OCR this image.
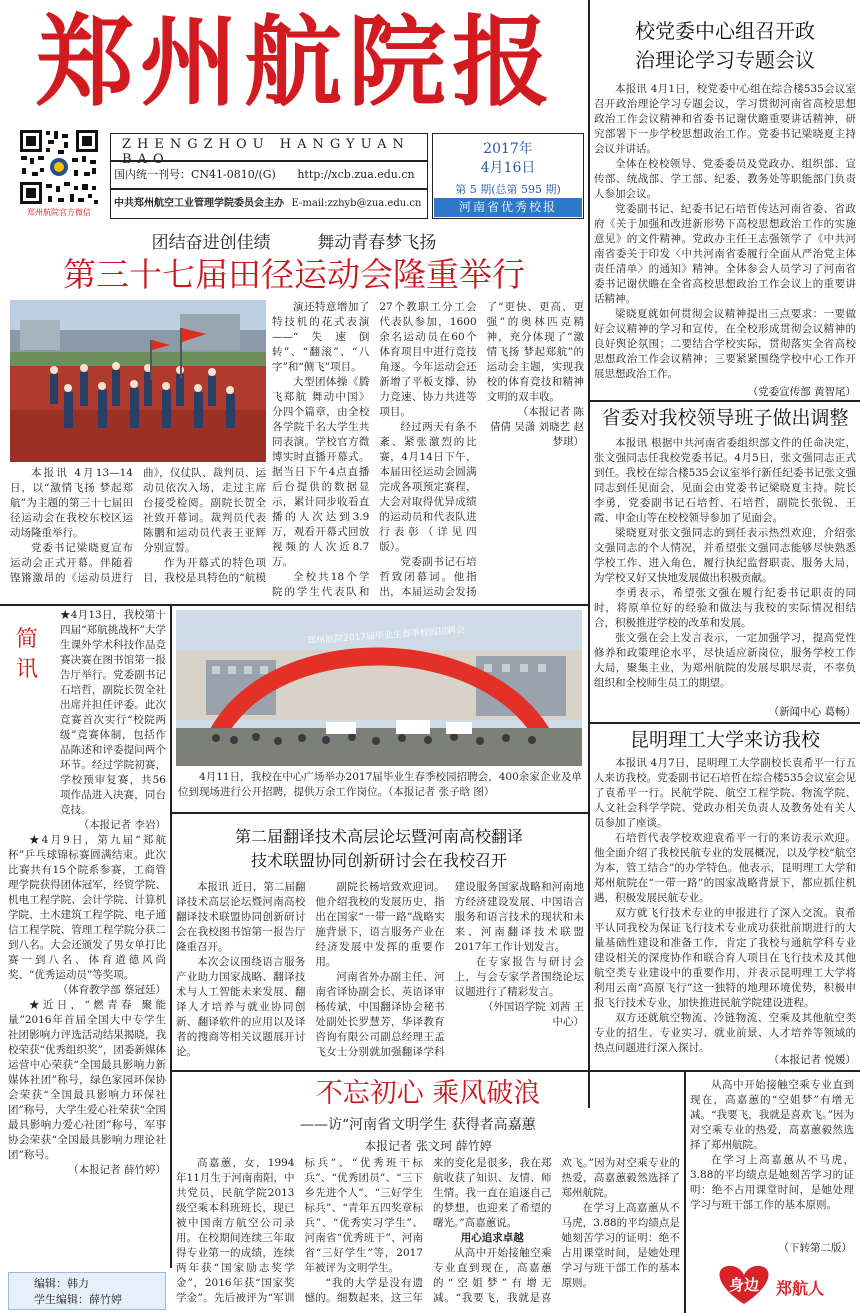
郑州航院报
郑州航院官方微信
ZHENGZHOU HANGYUAN
国内统一刊号：CN41-0810/(G) http://xcb.zua.edu.cn
中共郑州航空工业管理学院委员会主办 E-mail:zzhyb@zua.edu.cn
2017年
4月16日
第 5 期(总第 595 期)
河南省优秀校报
团结奋进创佳绩	舞动青春梦飞扬
第三十七届田径运动会隆重举行

演还特意增加了特技机的花式表演——“失速倒转”、“翻滚”、“八字”和“侧飞”项目。

大型团体操《腾飞郑航 舞动中国》分四个篇章，由全校各学院千名大学生共同表演。学校官方微博实时直播开幕式。据当日下午4点直播后台提供的数据显示，累计同步收看直播的人次达到3.9万，观看开幕式回放视频的人次近8.7万。

全校共18个学院的学生代表队和27个教职工分工会代表队参加，1600余名运动员在60个体育项目中进行竞技角逐。今年运动会还新增了平板支撑、协力竞速、协力共进等项目。

经过两天有条不紊、紧张激烈的比赛，4月14日下午，本届田径运动会圆满完成各项预定赛程，大会对取得优异成绩的运动员和代表队进行表彰（详见四版）。

党委副书记石培哲致闭幕词。他指出，本届运动会发扬了“更快、更高、更强”的奥林匹克精神，充分体现了“激情飞扬 梦起郑航”的运动会主题，实现我校的体育竞技和精神文明的双丰收。

（本报记者 陈倩倩 吴潇 刘晓艺 赵梦琪）

本报讯 4月13—14日，以“激情飞扬 梦起郑航”为主题的第三十七届田径运动会在我校东校区运动场隆重举行。

党委书记梁晓夏宣布运动会正式开幕。伴随着铿锵激昂的《运动员进行曲》，仪仗队、裁判员、运动员依次入场，走过主席台接受检阅。副院长贺全社致开幕词。裁判员代表陈鹏和运动员代表王亚辉分别宣誓。

作为开幕式的特色项目，我校是具特色的“航模

简
讯

★4月13日，我校第十四届“郑航挑战杯”大学生课外学术科技作品竞赛决赛在图书馆第一报告厅举行。党委副书记石培哲，副院长贺全社出席并担任评委。此次竞赛首次实行“校院两级”竞赛体制，包括作品陈述和评委提问两个环节。经过学院初赛，学校预审复赛，共56项作品进入决赛，同台竞技。

（本报记者 李岩）

★4月9日，第九届“郑航杯”乒乓球锦标赛圆满结束。此次比赛共有15个院系参赛，工商管理学院获得团体冠军，经贸学院、机电工程学院、会计学院、计算机学院、土木建筑工程学院、电子通信工程学院、管理工程学院分获二到八名。大会还颁发了男女单打比赛一到八名、体育道德风尚奖、“优秀运动员”等奖项。

（体育教学部 蔡冠廷）

★近日，“燃青春 聚能量”2016年首届全国大中专学生社团影响力评选活动结果揭晓，我校荣获“优秀组织奖”，团委新媒体运营中心荣获“全国最具影响力新媒体社团”称号，绿色家园环保协会荣获“全国最具影响力环保社团”称号，大学生爱心社荣获“全国最具影响力爱心社团”称号，军事协会荣获“全国最具影响力理论社团”称号。

（本报记者 薛竹婷）

郑州航院2017届毕业生春季校园招聘会
4月11日，我校在中心广场举办2017届毕业生春季校园招聘会，400余家企业及单位到现场进行公开招聘，提供万余工作岗位。（本报记者 张子晗 图）
第二届翻译技术高层论坛暨河南高校翻译
技术联盟协同创新研讨会在我校召开

本报讯 近日，第二届翻译技术高层论坛暨河南高校翻译技术联盟协同创新研讨会在我校图书馆第一报告厅隆重召开。

本次会议围绕语言服务产业助力国家战略、翻译技术与人工智能未来发展、翻译人才培养与就业协同创新、翻译软件的应用以及译者的搜商等相关议题展开讨论。

副院长杨培致欢迎词。他介绍我校的发展历史，指出在国家“一带一路”战略实施背景下，语言服务产业在经济发展中发挥的重要作用。

河南省外办副主任、河南省译协副会长、英语译审杨传斌，中国翻译协会秘书处副处长罗慧芳，华译教育咨询有限公司副总经理王孟飞女士分别就加强翻译学科建设服务国家战略和河南地方经济建设发展、中国语言服务和语言技术的现状和未来、河南翻译技术联盟2017年工作计划发言。

在专家报告与研讨会上，与会专家学者围绕论坛议题进行了精彩发言。

（外国语学院 刘茜 王中心）

不忘初心 乘风破浪
——访“河南省文明学生 获得者高嘉蕙
本报记者 张文珂 薛竹婷

高嘉蕙，女，1994年11月生于河南南阳，中共党员，民航学院2013级空乘本科班班长，现已被中国南方航空公司录用。在校期间连续三年取得专业第一的成绩，连续两年获“国家励志奖学金”，2016年获“国家奖学金”。先后被评为“军训标兵”、“优秀班干标兵”、“优秀团员”、“三下乡先进个人”、“三好学生标兵”、“青年五四奖章标兵”、“优秀实习学生”、河南省“优秀班干”、河南省“三好学生”等，2017年被评为文明学生。

“我的大学是没有遗憾的。细数起来，这三年来的变化是很多，我在郑航收获了知识、友情、师生情。我一直在追逐自己的梦想，也迎来了希望的曙光。”高嘉蕙说。

用心追求卓越

从高中开始接触空乘专业直到现在，高嘉蕙的“空姐梦”有增无减。“我要飞，我就是喜欢飞。”因为对空乘专业的热爱，高嘉蕙毅然选择了郑州航院。

在学习上高嘉蕙从不马虎，3.88的平均绩点是她刻苦学习的证明：绝不占用课堂时间，是她处理学习与班干部工作的基本原则。

从高中开始接触空乘专业直到现在，高嘉蕙的“空姐梦”有增无减。“我要飞，我就是喜欢飞。”因为对空乘专业的热爱，高嘉蕙毅然选择了郑州航院。

在学习上高嘉蕙从不马虎，3.88的平均绩点是她刻苦学习的证明：绝不占用课堂时间，是她处理学习与班干部工作的基本原则。

（下转第二版）
身边	郑航人
编辑：韩力
学生编辑：薛竹婷
校党委中心组召开政
治理论学习专题会议

本报讯 4月1日，校党委中心组在综合楼535会议室召开政治理论学习专题会议，学习贯彻河南省高校思想政治工作会议精神和省委书记谢伏瞻重要讲话精神，研究部署下一步学校思想政治工作。党委书记梁晓夏主持会议并讲话。

全体在校校领导、党委委员及党政办、组织部、宣传部、统战部、学工部、纪委、教务处等职能部门负责人参加会议。

党委副书记、纪委书记石培哲传达河南省委、省政府《关于加强和改进新形势下高校思想政治工作的实施意见》的文件精神。党政办主任王志强领学了《中共河南省委关于印发〈中共河南省委履行全面从严治党主体责任清单〉的通知》精神。全体参会人员学习了河南省委书记谢伏瞻在全省高校思想政治工作会议上的重要讲话精神。

梁晓夏就如何贯彻会议精神提出三点要求：一要做好会议精神的学习和宣传，在全校形成贯彻会议精神的良好舆论氛围；二要结合学校实际，贯彻落实全省高校思想政治工作会议精神；三要紧紧围绕学校中心工作开展思想政治工作。

（党委宣传部 黄智尾）
省委对我校领导班子做出调整

本报讯 根据中共河南省委组织部文件的任命决定，张文强同志任我校党委书记。4月5日，张文强同志正式到任。我校在综合楼535会议室举行新任纪委书记张文强同志到任见面会，见面会由党委书记梁晓夏主持。院长李勇，党委副书记石培哲、石培哲，副院长张锐、王霞、申金山等在校校领导参加了见面会。

梁晓夏对张文强同志的到任表示热烈欢迎，介绍张文强同志的个人情况，并希望张文强同志能够尽快熟悉学校工作、进入角色，履行执纪监督职责、服务大局，为学校又好又快地发展做出积极贡献。

李勇表示，希望张文强在履行纪委书记职责的同时，将原单位好的经验和做法与我校的实际情况相结合，积极推进学校的改革和发展。

张文强在会上发言表示，一定加强学习，提高党性修养和政策理论水平，尽快适应新岗位，服务学校工作大局，聚集主业，为郑州航院的发展尽职尽责，不辜负组织和全校师生员工的期望。

（新闻中心 葛畅）
昆明理工大学来访我校

本报讯 4月7日，昆明理工大学副校长袁希平一行五人来访我校。党委副书记石培哲在综合楼535会议室会见了袁希平一行。民航学院、航空工程学院、物流学院、人文社会科学学院、党政办相关负责人及教务处有关人员参加了座谈。

石培哲代表学校欢迎袁希平一行的来访表示欢迎。他全面介绍了我校民航专业的发展概况，以及学校“航空为本，管工结合”的办学特色。他表示，昆明理工大学和郑州航院在“一带一路”的国家战略背景下，都应抓住机遇，积极发展民航专业。

双方就飞行技术专业的申报进行了深入交流。袁希平认同我校为保证飞行技术专业成功获批前期进行的大量基础性建设和准备工作，肯定了我校与通航学科专业建设相关的深度协作和联合育人项目在飞行技术及其他航空类专业建设中的重要作用，并表示昆明理工大学将利用云南“高原飞行”这一独特的地理环境优势，积极申报飞行技术专业，加快推进民航学院建设进程。

双方还就航空物流、冷链物流、空乘及其他航空类专业的招生、专业实习、就业前景、人才培养等领域的热点问题进行深入探讨。

（本报记者 悦媛）
